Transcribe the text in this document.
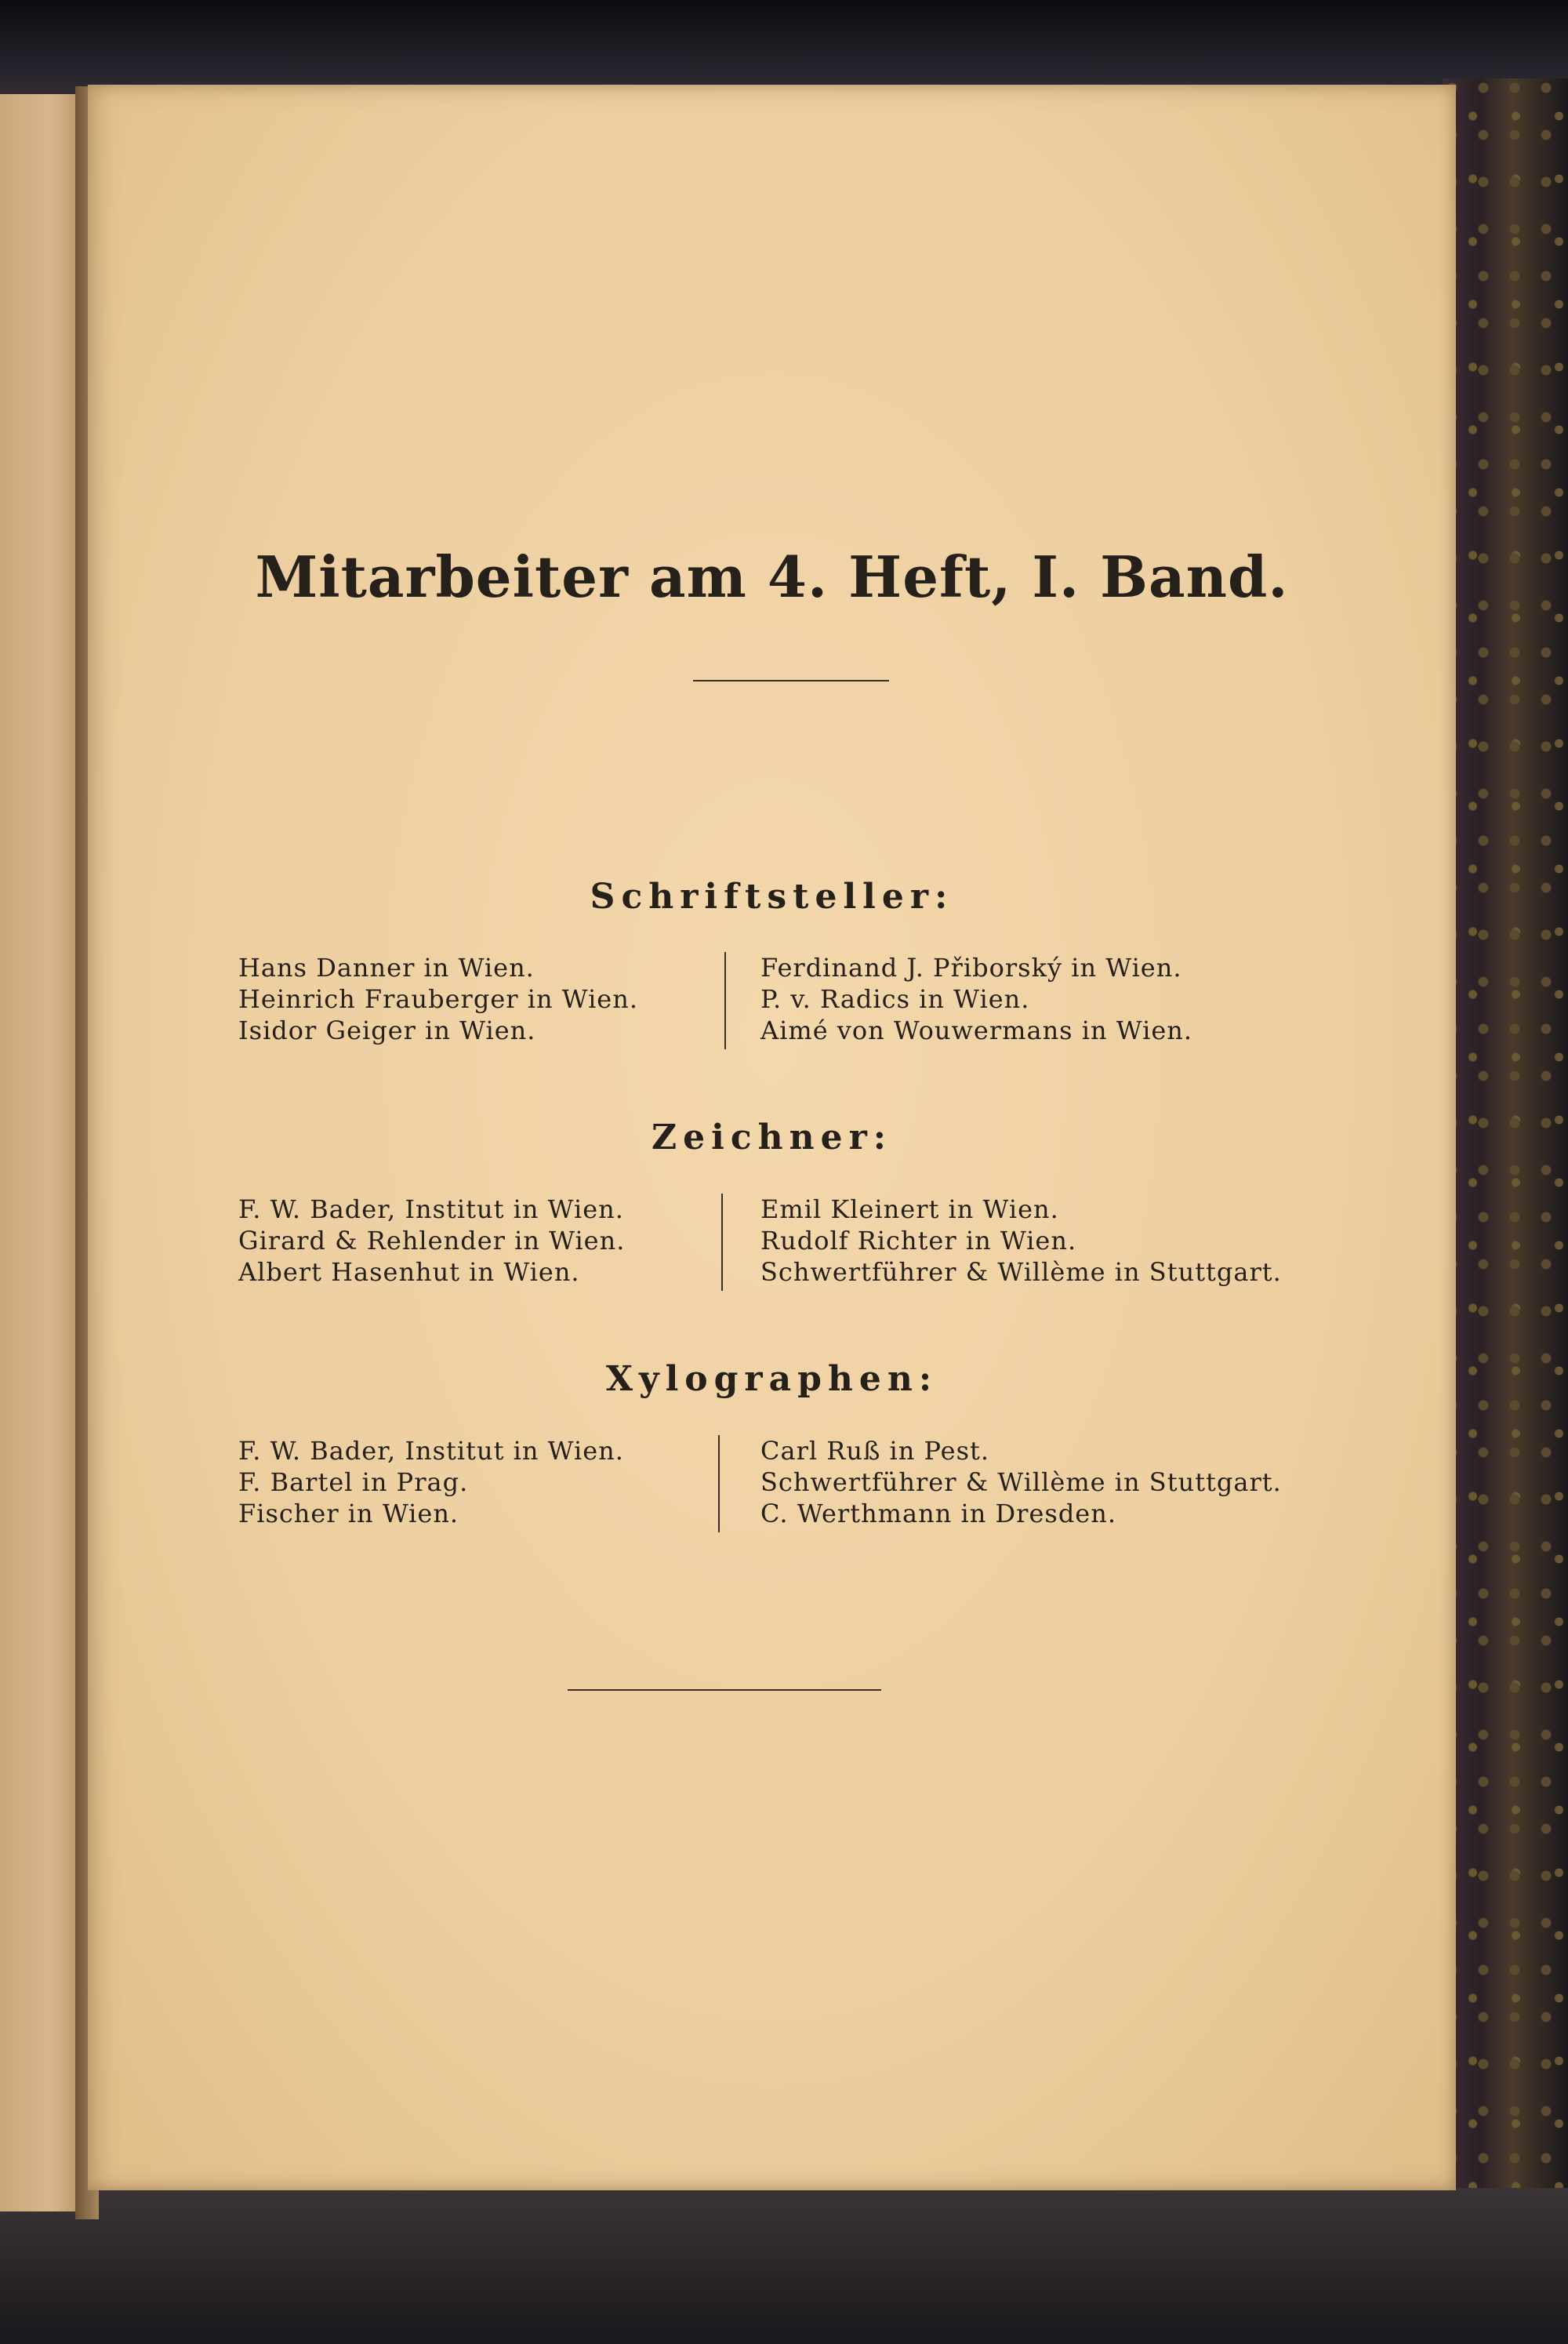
Mitarbeiter am 4. Heft, I. Band.
Schriftsteller:
Hans Danner in Wien.
Heinrich Frauberger in Wien.
Isidor Geiger in Wien.
Ferdinand J. Přiborský in Wien.
P. v. Radics in Wien.
Aimé von Wouwermans in Wien.
Zeichner:
F. W. Bader, Institut in Wien.
Girard & Rehlender in Wien.
Albert Hasenhut in Wien.
Emil Kleinert in Wien.
Rudolf Richter in Wien.
Schwertführer & Willème in Stuttgart.
Xylographen:
F. W. Bader, Institut in Wien.
F. Bartel in Prag.
Fischer in Wien.
Carl Ruß in Pest.
Schwertführer & Willème in Stuttgart.
C. Werthmann in Dresden.
